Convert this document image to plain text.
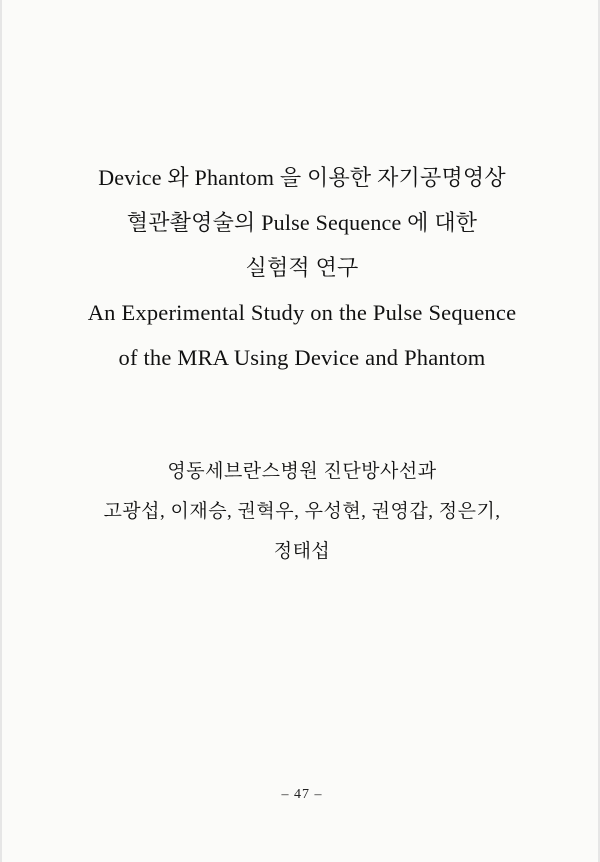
Device 와 Phantom 을 이용한 자기공명영상
혈관촬영술의 Pulse Sequence 에 대한
실험적 연구
An Experimental Study on the Pulse Sequence
of the MRA Using Device and Phantom
영동세브란스병원 진단방사선과
고광섭, 이재승, 권혁우, 우성현, 권영갑, 정은기,
정태섭
– 47 –
